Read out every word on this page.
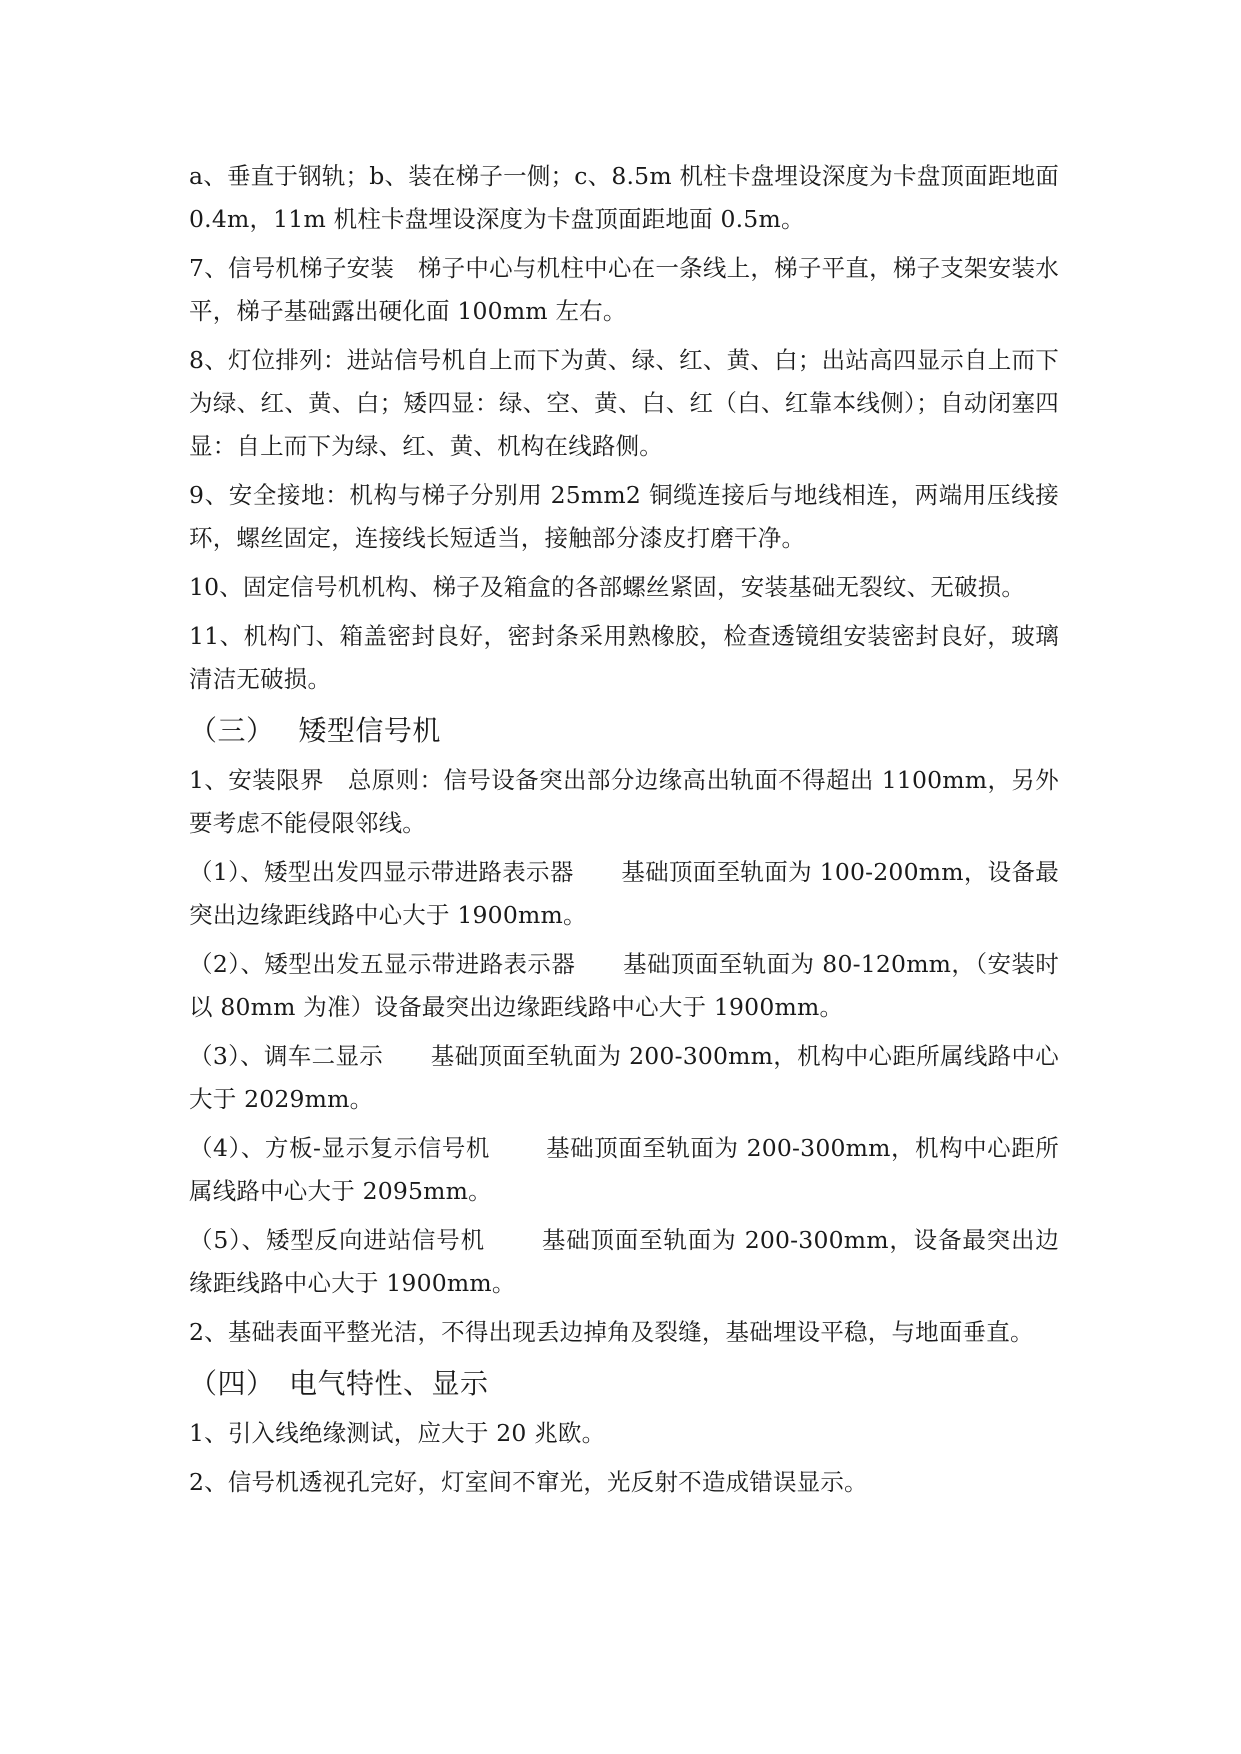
a、垂直于钢轨；b、装在梯子一侧；c、8.5m 机柱卡盘埋设深度为卡盘顶面距地面 0.4m，11m 机柱卡盘埋设深度为卡盘顶面距地面 0.5m。

7、信号机梯子安装　梯子中心与机柱中心在一条线上，梯子平直，梯子支架安装水平，梯子基础露出硬化面 100mm 左右。

8、灯位排列：进站信号机自上而下为黄、绿、红、黄、白；出站高四显示自上而下为绿、红、黄、白；矮四显：绿、空、黄、白、红（白、红靠本线侧）；自动闭塞四显：自上而下为绿、红、黄、机构在线路侧。

9、安全接地：机构与梯子分别用 25mm2 铜缆连接后与地线相连，两端用压线接环，螺丝固定，连接线长短适当，接触部分漆皮打磨干净。

10、固定信号机机构、梯子及箱盒的各部螺丝紧固，安装基础无裂纹、无破损。

11、机构门、箱盖密封良好，密封条采用熟橡胶，检查透镜组安装密封良好，玻璃清洁无破损。

（三）　 矮型信号机

1、安装限界　总原则：信号设备突出部分边缘高出轨面不得超出 1100mm，另外要考虑不能侵限邻线。

（1）、矮型出发四显示带进路表示器　　基础顶面至轨面为 100-200mm，设备最突出边缘距线路中心大于 1900mm。

（2）、矮型出发五显示带进路表示器　　基础顶面至轨面为 80-120mm，（安装时以 80mm 为准）设备最突出边缘距线路中心大于 1900mm。

（3）、调车二显示　　基础顶面至轨面为 200-300mm，机构中心距所属线路中心大于 2029mm。

（4）、方板-显示复示信号机　　 基础顶面至轨面为 200-300mm，机构中心距所属线路中心大于 2095mm。

（5）、矮型反向进站信号机　　 基础顶面至轨面为 200-300mm，设备最突出边缘距线路中心大于 1900mm。

2、基础表面平整光洁，不得出现丢边掉角及裂缝，基础埋设平稳，与地面垂直。

（四）　电气特性、显示

1、引入线绝缘测试，应大于 20 兆欧。

2、信号机透视孔完好，灯室间不窜光，光反射不造成错误显示。
